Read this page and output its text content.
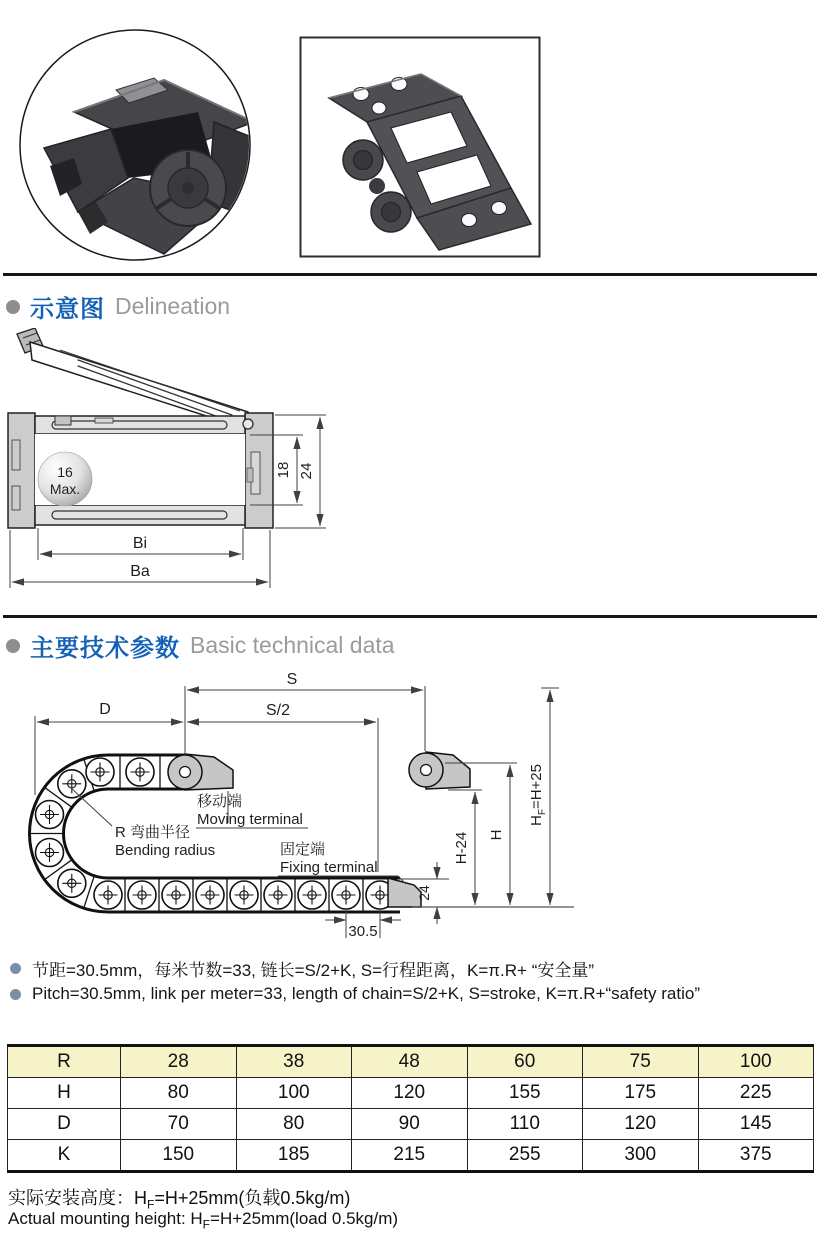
示意图 Delineation
16
Max.
18 24
Bi
Ba
主要技术参数 Basic technical data
S
S/2
D
24
H-24 H
$H_F=H+25$
30.5
移动端
Moving terminal
R 弯曲半径
Bending radius	固定端
Fixing terminal
节距=30.5mm，每米节数=33, 链长=S/2+K, S=行程距离，K=π.R+ “安全量”
Pitch=30.5mm, link per meter=33, length of chain=S/2+K, S=stroke, K=π.R+“safety ratio”
R	28	38	48	60	75	100
H	80	100	120	155	175	225
D	70	80	90	110	120	145
K	150	185	215	255	300	375
实际安装高度：$H_F=H+25mm$(负载0.5kg/m)
Actual mounting height: $H_F=H+25mm(load$ 0.5kg/m)
